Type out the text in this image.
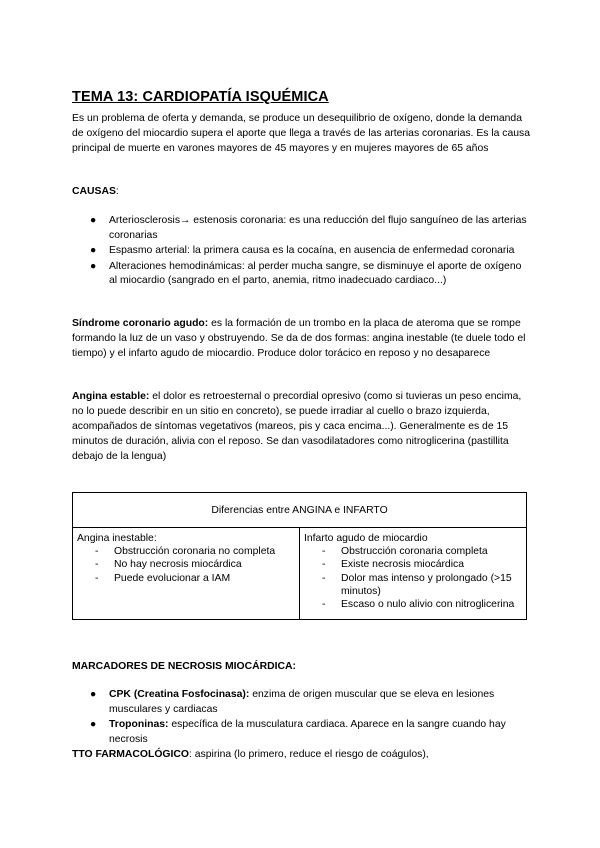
TEMA 13: CARDIOPATÍA ISQUÉMICA
Es un problema de oferta y demanda, se produce un desequilibrio de oxígeno, donde la demanda de oxígeno del miocardio supera el aporte que llega a través de las arterias coronarias. Es la causa principal de muerte en varones mayores de 45 mayores y en mujeres mayores de 65 años
CAUSAS:
● Arteriosclerosis→ estenosis coronaria: es una reducción del flujo sanguíneo de las arterias coronarias
● Espasmo arterial: la primera causa es la cocaína, en ausencia de enfermedad coronaria
● Alteraciones hemodinámicas: al perder mucha sangre, se disminuye el aporte de oxígeno al miocardio (sangrado en el parto, anemia, ritmo inadecuado cardiaco...)
Síndrome coronario agudo: es la formación de un trombo en la placa de ateroma que se rompe formando la luz de un vaso y obstruyendo. Se da de dos formas: angina inestable (te duele todo el tiempo) y el infarto agudo de miocardio. Produce dolor torácico en reposo y no desaparece
Angina estable: el dolor es retroesternal o precordial opresivo (como si tuvieras un peso encima, no lo puede describir en un sitio en concreto), se puede irradiar al cuello o brazo izquierda, acompañados de síntomas vegetativos (mareos, pis y caca encima...). Generalmente es de 15 minutos de duración, alivia con el reposo. Se dan vasodilatadores como nitroglicerina (pastillita debajo de la lengua)
Diferencias entre ANGINA e INFARTO

Angina inestable:
- Obstrucción coronaria no completa
- No hay necrosis miocárdica
- Puede evolucionar a IAM

Infarto agudo de miocardio
- Obstrucción coronaria completa
- Existe necrosis miocárdica
- Dolor mas intenso y prolongado (>15 minutos)
- Escaso o nulo alivio con nitroglicerina
MARCADORES DE NECROSIS MIOCÁRDICA:
● CPK (Creatina Fosfocinasa): enzima de origen muscular que se eleva en lesiones musculares y cardiacas
● Troponinas: específica de la musculatura cardiaca. Aparece en la sangre cuando hay necrosis
TTO FARMACOLÓGICO: aspirina (lo primero, reduce el riesgo de coágulos),
